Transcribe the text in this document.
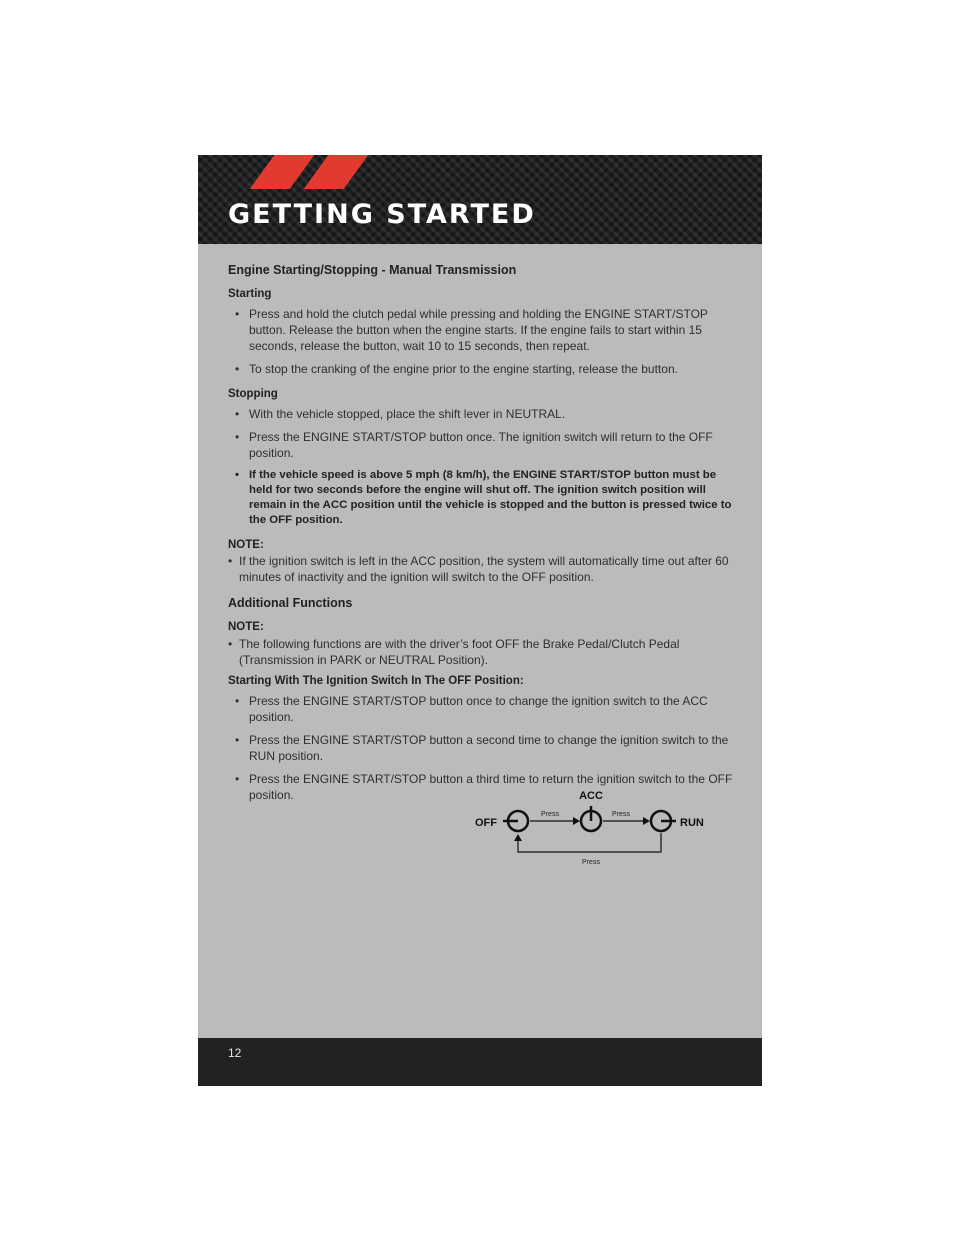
GETTING STARTED
Engine Starting/Stopping - Manual Transmission
Starting
• Press and hold the clutch pedal while pressing and holding the ENGINE START/STOP button. Release the button when the engine starts. If the engine fails to start within 15 seconds, release the button, wait 10 to 15 seconds, then repeat.
• To stop the cranking of the engine prior to the engine starting, release the button.
Stopping
• With the vehicle stopped, place the shift lever in NEUTRAL.
• Press the ENGINE START/STOP button once. The ignition switch will return to the OFF position.
• If the vehicle speed is above 5 mph (8 km/h), the ENGINE START/STOP button must be held for two seconds before the engine will shut off. The ignition switch position will remain in the ACC position until the vehicle is stopped and the button is pressed twice to the OFF position.
NOTE:
• If the ignition switch is left in the ACC position, the system will automatically time out after 60 minutes of inactivity and the ignition will switch to the OFF position.
Additional Functions
NOTE:
• The following functions are with the driver’s foot OFF the Brake Pedal/Clutch Pedal (Transmission in PARK or NEUTRAL Position).
Starting With The Ignition Switch In The OFF Position:
• Press the ENGINE START/STOP button once to change the ignition switch to the ACC position.
• Press the ENGINE START/STOP button a second time to change the ignition switch to the RUN position.
• Press the ENGINE START/STOP button a third time to return the ignition switch to the OFF position.	ACC
OFF	RUN
Press	Press
Press
12
